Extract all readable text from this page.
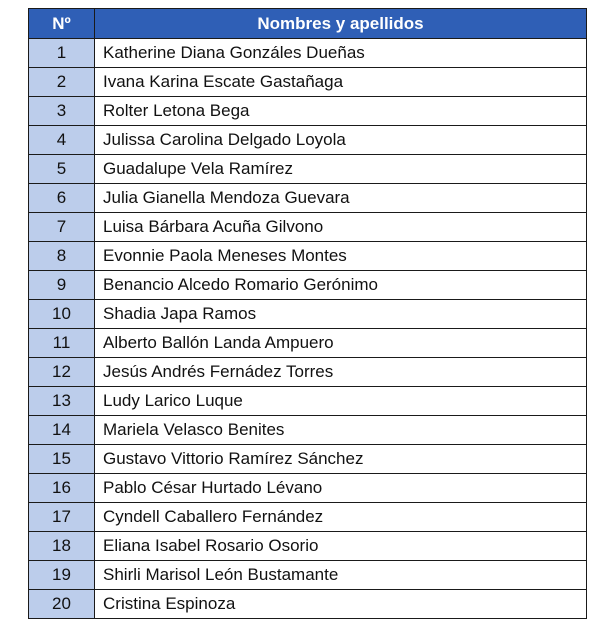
Nº	Nombres y apellidos
1	Katherine Diana Gonzáles Dueñas
2	Ivana Karina Escate Gastañaga
3	Rolter Letona Bega
4	Julissa Carolina Delgado Loyola
5	Guadalupe Vela Ramírez
6	Julia Gianella Mendoza Guevara
7	Luisa Bárbara Acuña Gilvono
8	Evonnie Paola Meneses Montes
9	Benancio Alcedo Romario Gerónimo
10	Shadia Japa Ramos
11	Alberto Ballón Landa Ampuero
12	Jesús Andrés Fernádez Torres
13	Ludy Larico Luque
14	Mariela Velasco Benites
15	Gustavo Vittorio Ramírez Sánchez
16	Pablo César Hurtado Lévano
17	Cyndell Caballero Fernández
18	Eliana Isabel Rosario Osorio
19	Shirli Marisol León Bustamante
20	Cristina Espinoza
